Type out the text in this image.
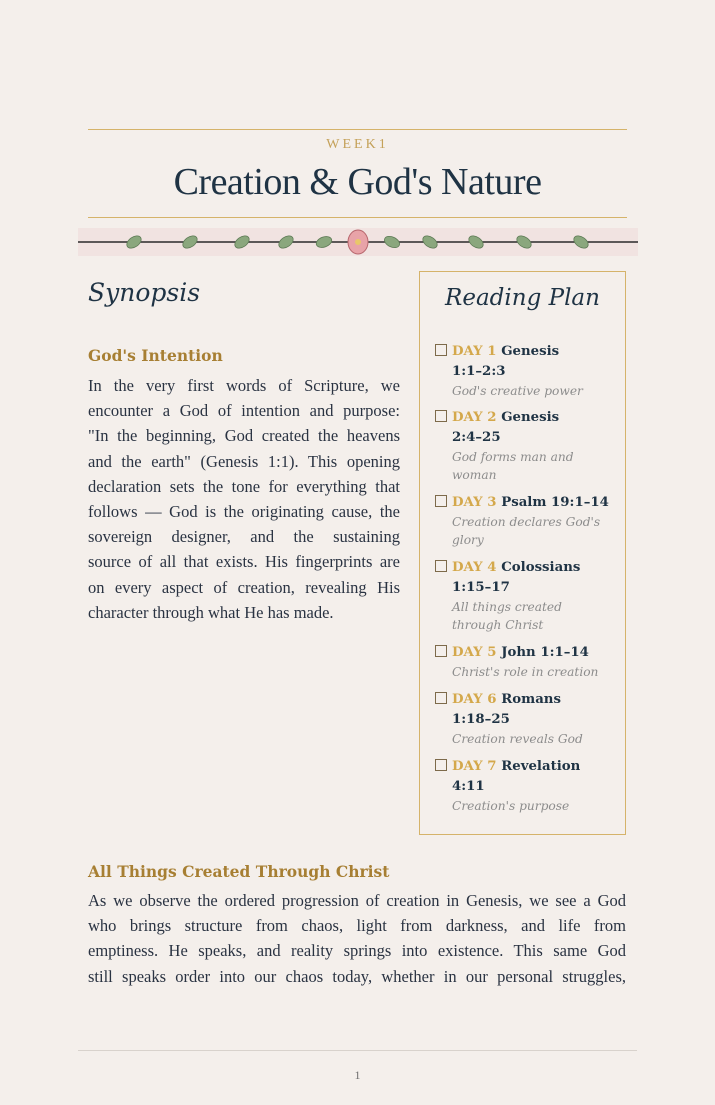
WEEK1
Creation & God's Nature
Synopsis
God's Intention
In the very first words of Scripture, we
encounter a God of intention and purpose:
"In the beginning, God created the heavens
and the earth" (Genesis 1:1). This opening
declaration sets the tone for everything that
follows — God is the originating cause, the
sovereign designer, and the sustaining
source of all that exists. His fingerprints are
on every aspect of creation, revealing His
character through what He has made.
Reading Plan
DAY 1 Genesis
1:1–2:3
God's creative power
DAY 2 Genesis
2:4–25
God forms man and
woman
DAY 3 Psalm 19:1–14
Creation declares God's
glory
DAY 4 Colossians
1:15–17
All things created
through Christ
DAY 5 John 1:1–14
Christ's role in creation
DAY 6 Romans
1:18–25
Creation reveals God
DAY 7 Revelation
4:11
Creation's purpose
All Things Created Through Christ
As we observe the ordered progression of creation in Genesis, we see a God
who brings structure from chaos, light from darkness, and life from
emptiness. He speaks, and reality springs into existence. This same God
still speaks order into our chaos today, whether in our personal struggles,
1
